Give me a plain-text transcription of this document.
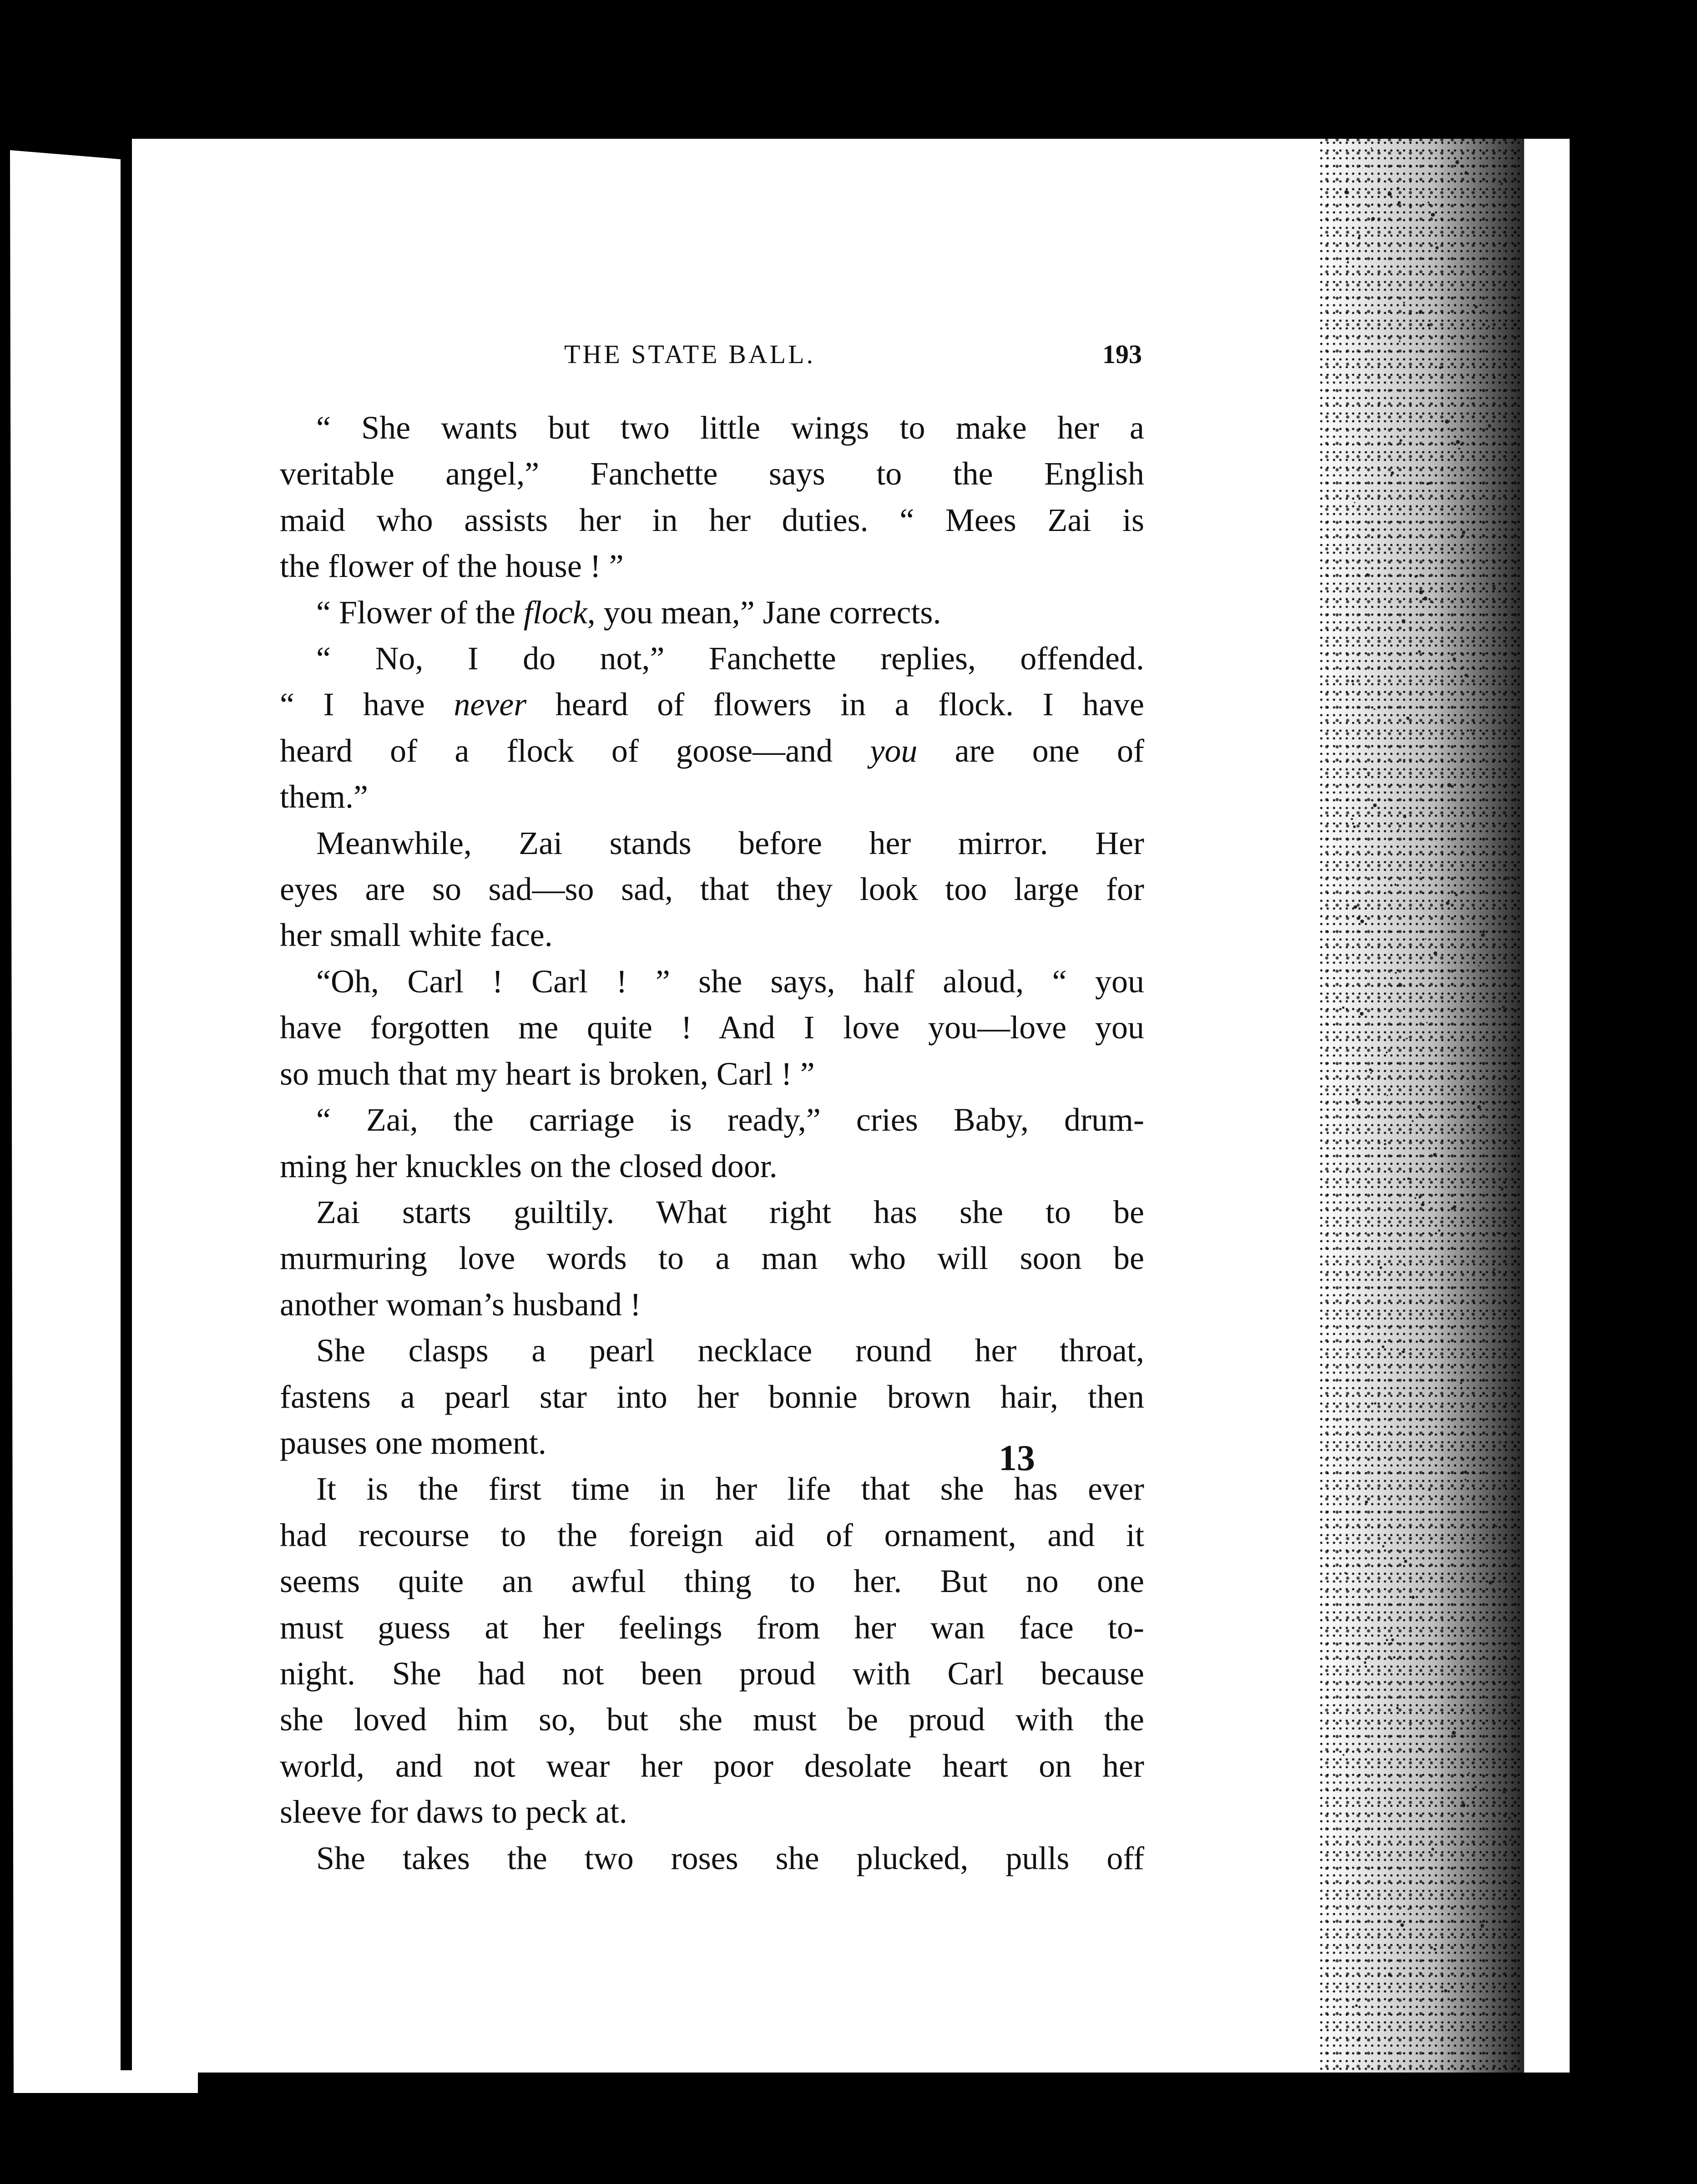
THE STATE BALL.	193
“ She wants but two little wings to make her a
veritable angel,” Fanchette says to the English
maid who assists her in her duties. “ Mees Zai is
the flower of the house ! ”
“ Flower of the flock, you mean,” Jane corrects.
“ No, I do not,” Fanchette replies, offended.
“ I have never heard of flowers in a flock. I have
heard of a flock of goose—and you are one of
them.”
Meanwhile, Zai stands before her mirror. Her
eyes are so sad—so sad, that they look too large for
her small white face.
“Oh, Carl ! Carl ! ” she says, half aloud, “ you
have forgotten me quite ! And I love you—love you
so much that my heart is broken, Carl ! ”
“ Zai, the carriage is ready,” cries Baby, drum-
ming her knuckles on the closed door.
Zai starts guiltily. What right has she to be
murmuring love words to a man who will soon be
another woman’s husband !
She clasps a pearl necklace round her throat,
fastens a pearl star into her bonnie brown hair, then
pauses one moment.
It is the first time in her life that she has ever
had recourse to the foreign aid of ornament, and it
seems quite an awful thing to her. But no one
must guess at her feelings from her wan face to-
night. She had not been proud with Carl because
she loved him so, but she must be proud with the
world, and not wear her poor desolate heart on her
sleeve for daws to peck at.
She takes the two roses she plucked, pulls off
13
